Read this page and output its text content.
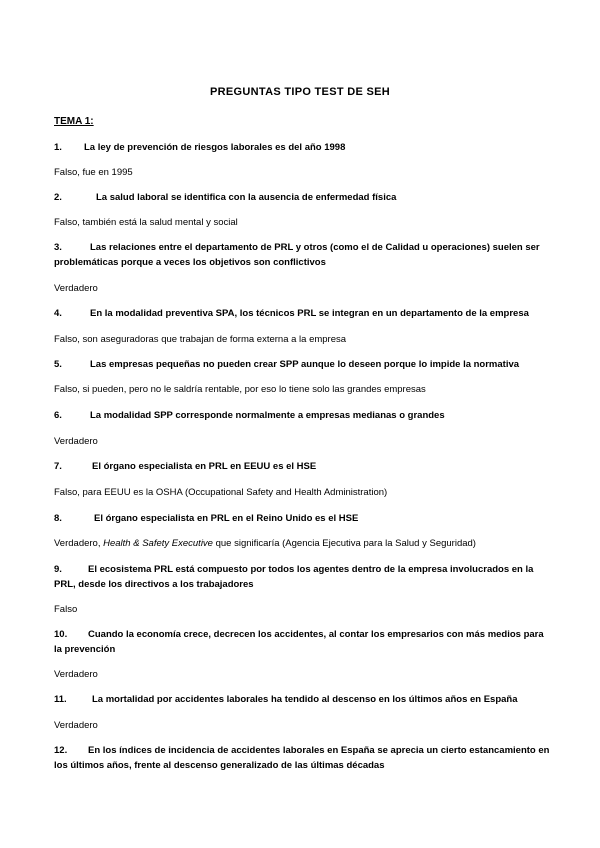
PREGUNTAS TIPO TEST DE SEH
TEMA 1:
1. La ley de prevención de riesgos laborales es del año 1998
Falso, fue en 1995
2.	La salud laboral se identifica con la ausencia de enfermedad física
Falso, también está la salud mental y social
3.	Las relaciones entre el departamento de PRL y otros (como el de Calidad u operaciones) suelen ser problemáticas porque a veces los objetivos son conflictivos
Verdadero
4.	En la modalidad preventiva SPA, los técnicos PRL se integran en un departamento de la empresa
Falso, son aseguradoras que trabajan de forma externa a la empresa
5.	Las empresas pequeñas no pueden crear SPP aunque lo deseen porque lo impide la normativa
Falso, si pueden, pero no le saldría rentable, por eso lo tiene solo las grandes empresas
6.	La modalidad SPP corresponde normalmente a empresas medianas o grandes
Verdadero
7.	El órgano especialista en PRL en EEUU es el HSE
Falso, para EEUU es la OSHA (Occupational Safety and Health Administration)
8.	El órgano especialista en PRL en el Reino Unido es el HSE
Verdadero, Health & Safety Executive que significaría (Agencia Ejecutiva para la Salud y Seguridad)
9.	El ecosistema PRL está compuesto por todos los agentes dentro de la empresa involucrados en la PRL, desde los directivos a los trabajadores
Falso
10. Cuando la economía crece, decrecen los accidentes, al contar los empresarios con más medios para la prevención
Verdadero
11.	La mortalidad por accidentes laborales ha tendido al descenso en los últimos años en España
Verdadero
12. En los índices de incidencia de accidentes laborales en España se aprecia un cierto estancamiento en los últimos años, frente al descenso generalizado de las últimas décadas
